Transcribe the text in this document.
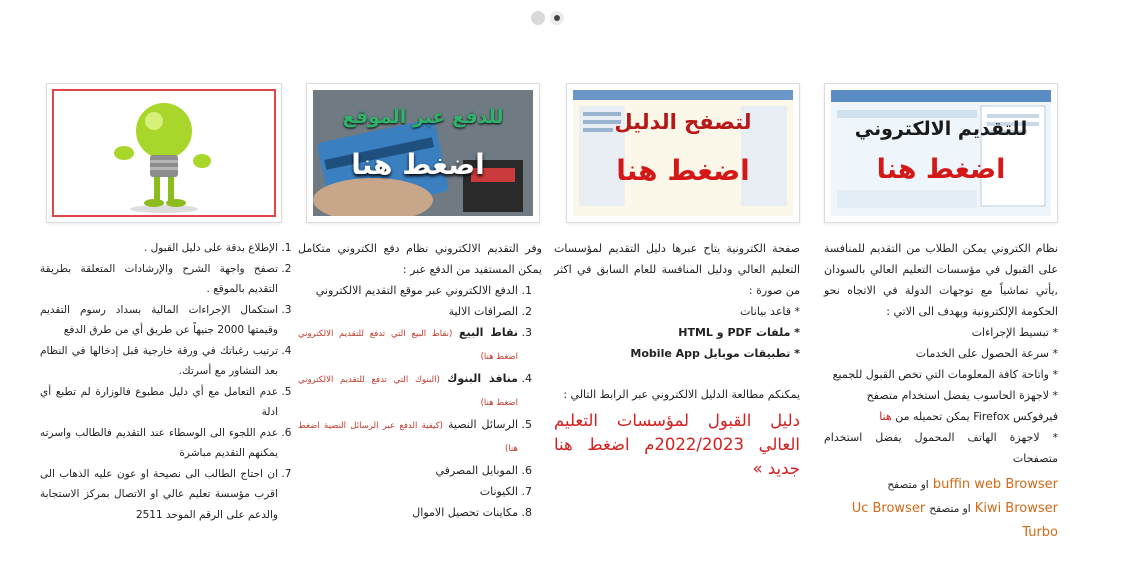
للتقديم الالكتروني
اضغط هنا

نظام الكتروني يمكن الطلاب من التقديم للمنافسة على القبول في مؤسسات التعليم العالي بالسودان ,يأتي تماشياً مع توجهات الدولة في الاتجاه نحو الحكومة الإلكترونية ويهدف الى الاتي :

* تبسيط الإجراءات

* سرعة الحصول على الخدمات

* واتاحة كافة المعلومات التي تخص القبول للجميع

* لاجهزة الحاسوب يفضل استخدام متصفح

فيرفوكس Firefox يمكن تحميله من هنا

* لاجهزة الهاتف المحمول يفضل استخدام متصفحات

buffin web Browser او متصفح
Kiwi Browser او متصفح Uc Browser
Turbo
لتصفح الدليل
اضغط هنا

صفحة الكترونية يتاح عبرها دليل التقديم لمؤسسات التعليم العالي ودليل المنافسة للعام السابق في اكثر من صورة :

* قاعد بيانات

* ملفات PDF و HTML

* تطبيقات موبايل Mobile App

يمكنكم مطالعة الدليل الالكتروني عبر الرابط التالي :

دليل القبول لمؤسسات التعليم العالي 2022/2023م اضغط هنا جديد »

للدفع عبر الموقع
اضغط هنا

وفر التقديم الالكتروني نظام دفع الكتروني متكامل يمكن المستفيد من الدفع عبر :

1. الدفع الالكتروني عبر موقع التقديم الالكتروني
2. الصرافات الالية
3. نقاط البيع (نقاط البيع التي تدفع للتقديم الالكتروني اضغط هنا)
4. منافذ البنوك (البنوك التي تدفع للتقديم الالكتروني اضغط هنا)
5. الرسائل النصية (كيفية الدفع عبر الرسائل النصية اضغط هنا)
6. الموبايل المصرفي
7. الكيونات
8. مكاينات تحصيل الاموال
1. الإطلاع بدقة على دليل القبول .
2. تصفح واجهة الشرح والإرشادات المتعلقة بطريقة التقديم بالموقع .
3. استكمال الإجراءات المالية بسداد رسوم التقديم وقيمتها 2000 جنيهاً عن طريق أي من طرق الدفع
4. ترتيب رغباتك في ورقة خارجية قبل إدخالها في النظام بعد التشاور مع أسرتك.
5. عدم التعامل مع أي دليل مطبوع فالوزارة لم تطبع أي ادلة
6. عدم اللجوء الى الوسطاء عند التقديم فالطالب واسرته يمكنهم التقديم مباشرة
7. ان احتاج الطالب الى نصيحة او عون عليه الذهاب الى اقرب مؤسسة تعليم عالي او الاتصال بمركز الاستجابة والدعم على الرقم الموحد 2511
